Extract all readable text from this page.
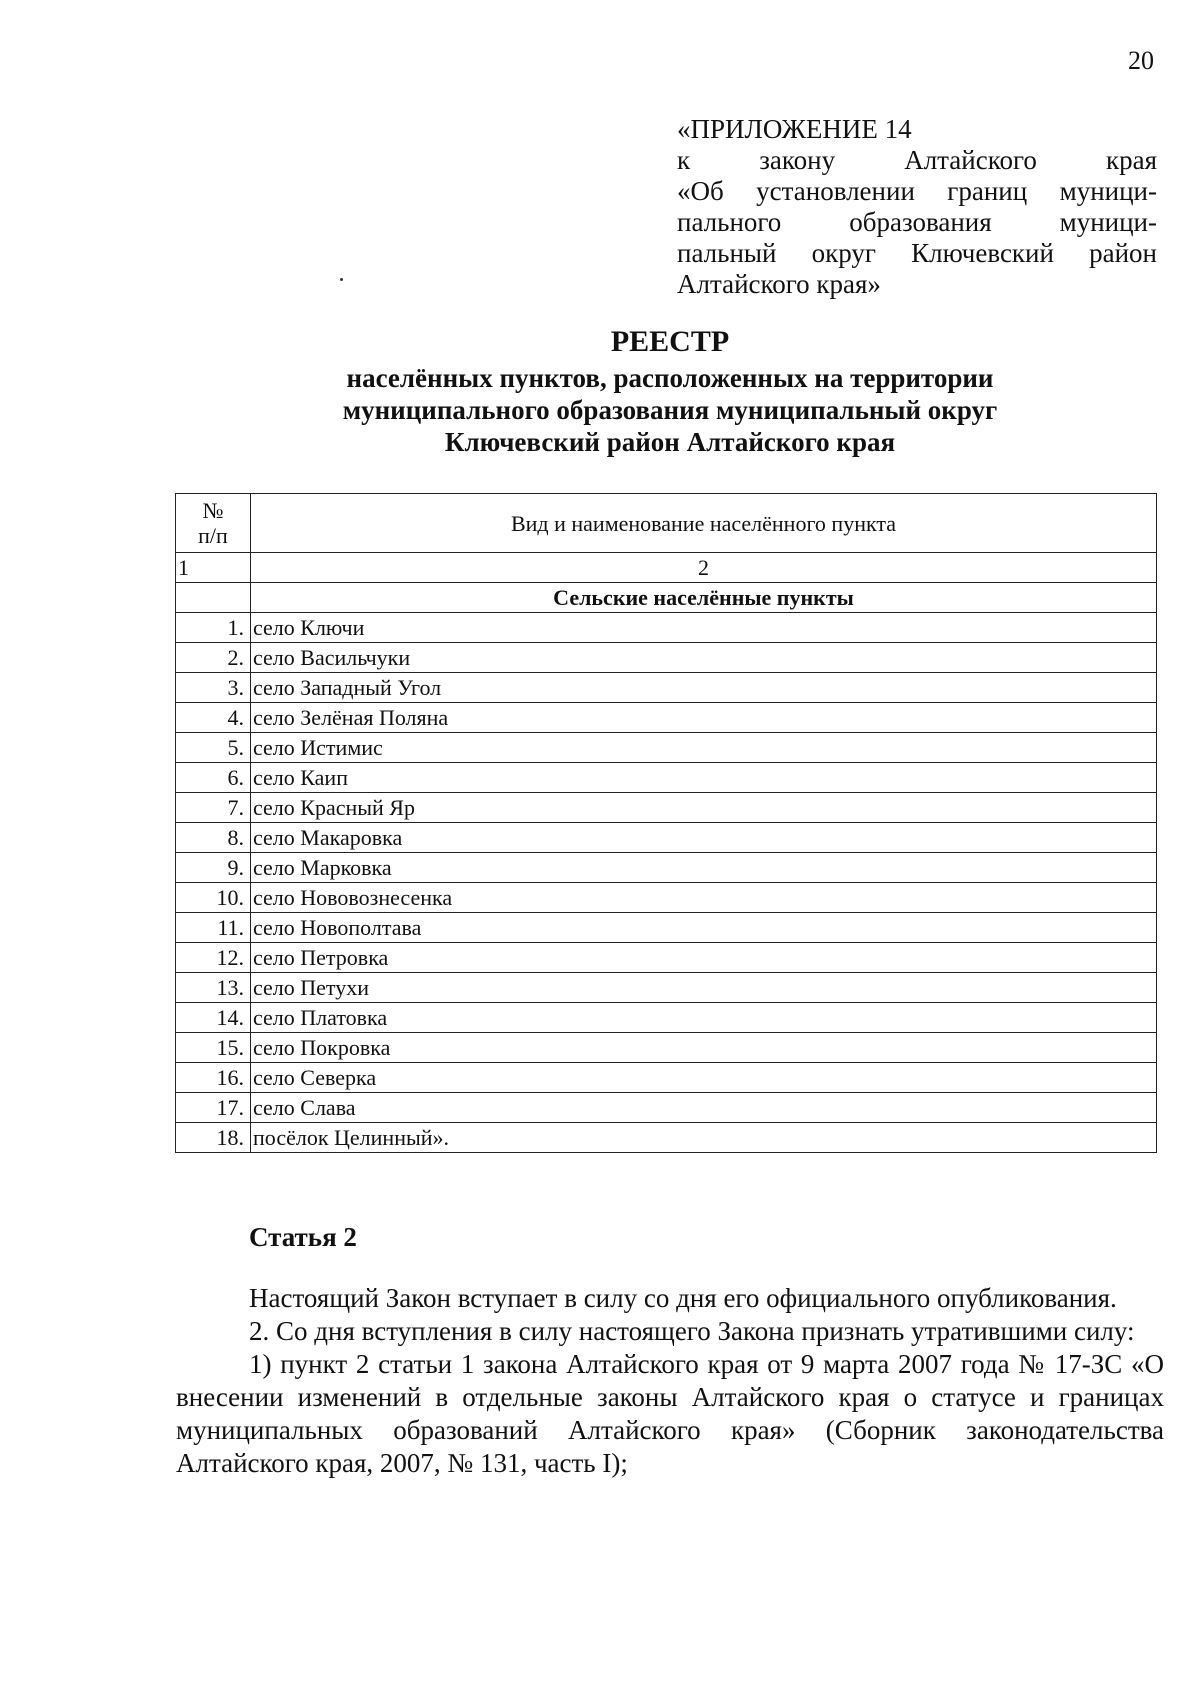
20
«ПРИЛОЖЕНИЕ 14
к закону Алтайского края
«Об установлении границ муници-
пального образования муници-
пальный округ Ключевский район
Алтайского края»
РЕЕСТР
населённых пунктов, расположенных на территории
муниципального образования муниципальный округ
Ключевский район Алтайского края
№
п/п	Вид и наименование населённого пункта
1	2
	Сельские населённые пункты
1.	село Ключи
2.	село Васильчуки
3.	село Западный Угол
4.	село Зелёная Поляна
5.	село Истимис
6.	село Каип
7.	село Красный Яр
8.	село Макаровка
9.	село Марковка
10.	село Нововознесенка
11.	село Новополтава
12.	село Петровка
13.	село Петухи
14.	село Платовка
15.	село Покровка
16.	село Северка
17.	село Слава
18.	посёлок Целинный».
Статья 2

Настоящий Закон вступает в силу со дня его официального опубликования.

2. Со дня вступления в силу настоящего Закона признать утратившими силу:

1) пункт 2 статьи 1 закона Алтайского края от 9 марта 2007 года № 17-ЗС «О внесении изменений в отдельные законы Алтайского края о статусе и границах муниципальных образований Алтайского края» (Сборник законодательства Алтайского края, 2007, № 131, часть I);
